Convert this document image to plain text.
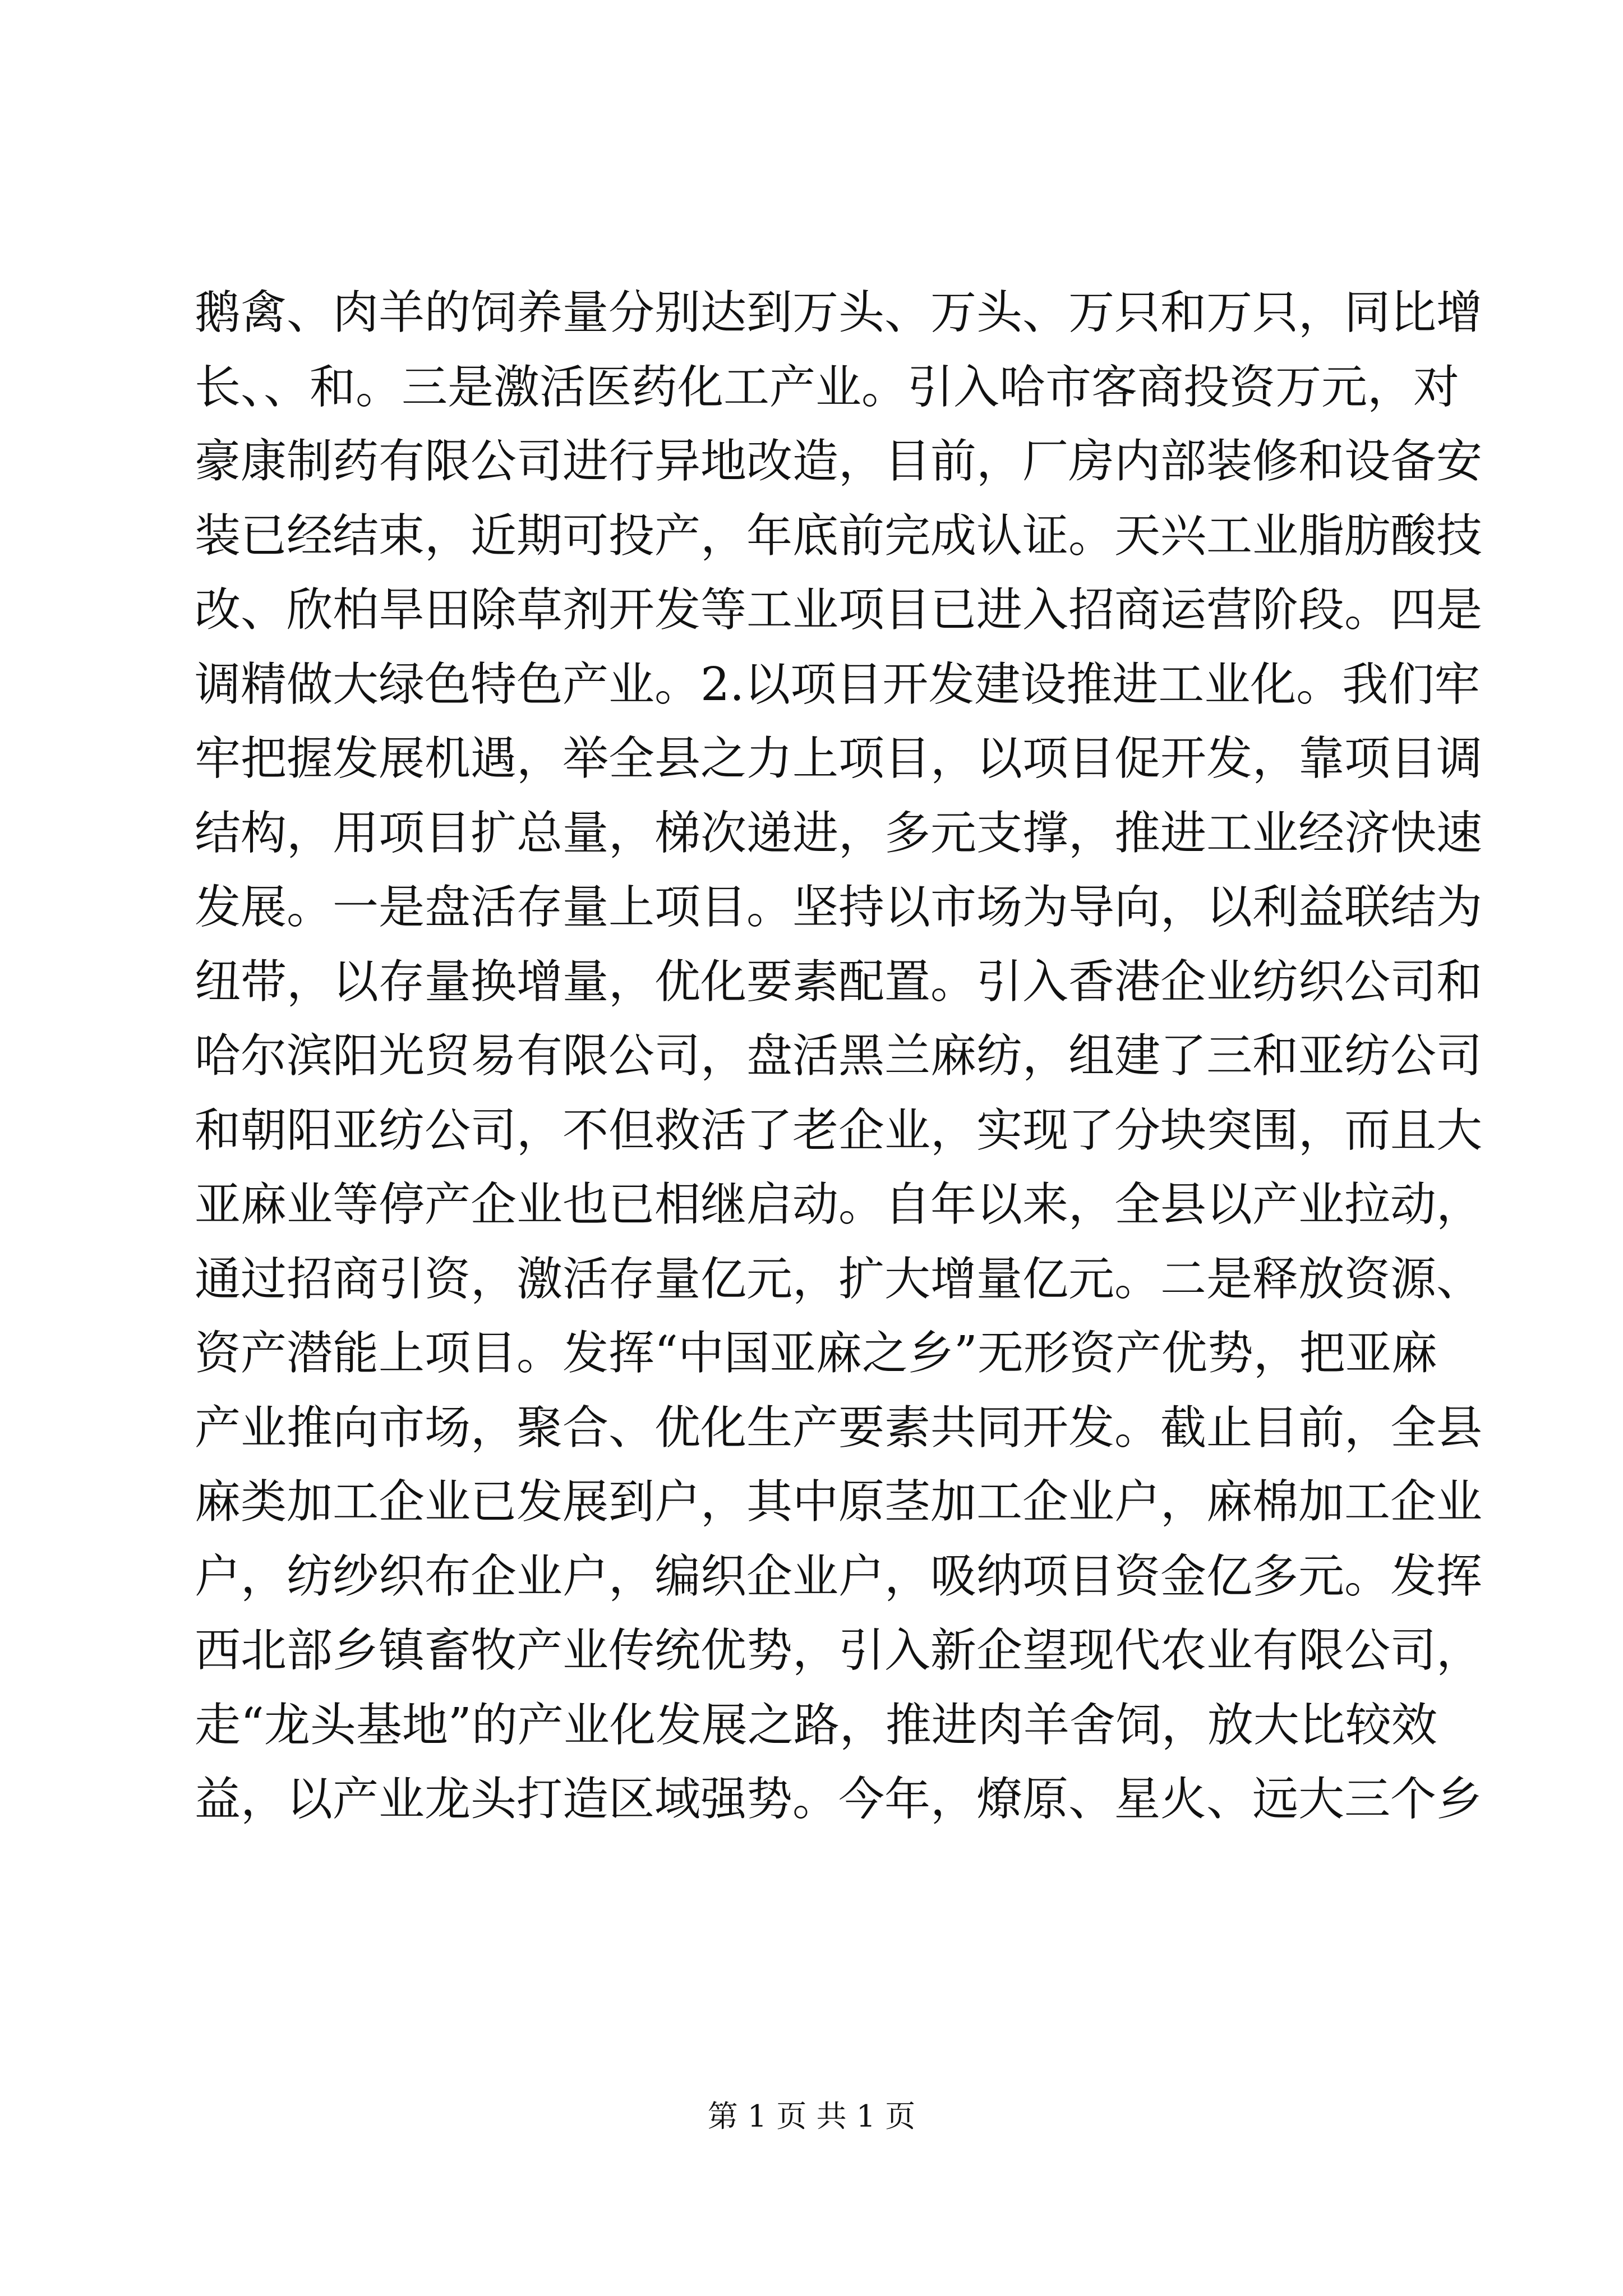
鹅禽、肉羊的饲养量分别达到万头、万头、万只和万只，同比增
长、、和。三是激活医药化工产业。引入哈市客商投资万元，对
豪康制药有限公司进行异地改造，目前，厂房内部装修和设备安
装已经结束，近期可投产，年底前完成认证。天兴工业脂肪酸技
改、欣柏旱田除草剂开发等工业项目已进入招商运营阶段。四是
调精做大绿色特色产业。2.以项目开发建设推进工业化。我们牢
牢把握发展机遇，举全县之力上项目，以项目促开发，靠项目调
结构，用项目扩总量，梯次递进，多元支撑，推进工业经济快速
发展。一是盘活存量上项目。坚持以市场为导向，以利益联结为
纽带，以存量换增量，优化要素配置。引入香港企业纺织公司和
哈尔滨阳光贸易有限公司，盘活黑兰麻纺，组建了三和亚纺公司
和朝阳亚纺公司，不但救活了老企业，实现了分块突围，而且大
亚麻业等停产企业也已相继启动。自年以来，全县以产业拉动，
通过招商引资，激活存量亿元，扩大增量亿元。二是释放资源、
资产潜能上项目。发挥“中国亚麻之乡”无形资产优势，把亚麻
产业推向市场，聚合、优化生产要素共同开发。截止目前，全县
麻类加工企业已发展到户，其中原茎加工企业户，麻棉加工企业
户，纺纱织布企业户，编织企业户，吸纳项目资金亿多元。发挥
西北部乡镇畜牧产业传统优势，引入新企望现代农业有限公司，
走“龙头基地”的产业化发展之路，推进肉羊舍饲，放大比较效
益，以产业龙头打造区域强势。今年，燎原、星火、远大三个乡
第 1 页 共 1 页
